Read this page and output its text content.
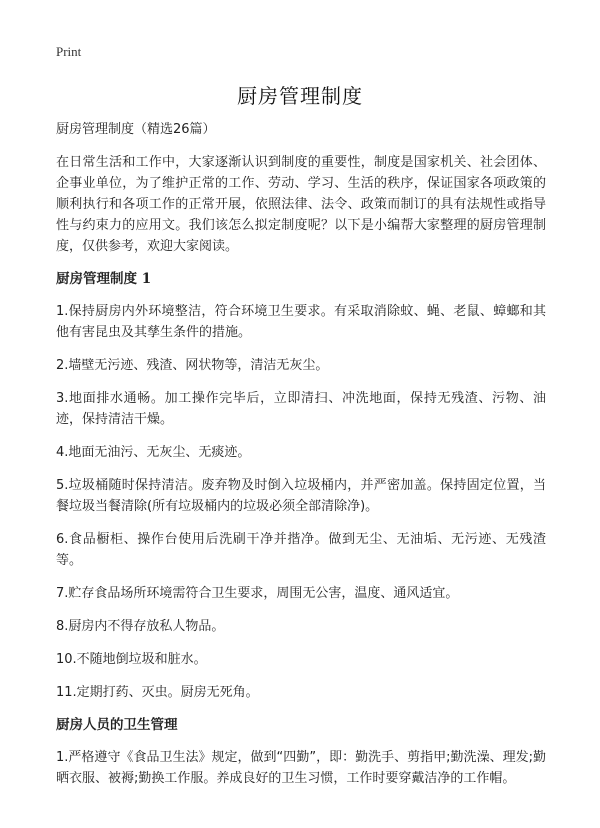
Print
厨房管理制度
厨房管理制度（精选26篇）

在日常生活和工作中，大家逐渐认识到制度的重要性，制度是国家机关、社会团体、企事业单位，为了维护正常的工作、劳动、学习、生活的秩序，保证国家各项政策的顺利执行和各项工作的正常开展，依照法律、法令、政策而制订的具有法规性或指导性与约束力的应用文。我们该怎么拟定制度呢？以下是小编帮大家整理的厨房管理制度，仅供参考，欢迎大家阅读。

厨房管理制度 1

1.保持厨房内外环境整洁，符合环境卫生要求。有采取消除蚊、蝇、老鼠、蟑螂和其他有害昆虫及其孳生条件的措施。

2.墙壁无污迹、残渣、网状物等，清洁无灰尘。

3.地面排水通畅。加工操作完毕后，立即清扫、冲洗地面，保持无残渣、污物、油迹，保持清洁干燥。

4.地面无油污、无灰尘、无痰迹。

5.垃圾桶随时保持清洁。废弃物及时倒入垃圾桶内，并严密加盖。保持固定位置，当餐垃圾当餐清除(所有垃圾桶内的垃圾必须全部清除净)。

6.食品橱柜、操作台使用后洗刷干净并揩净。做到无尘、无油垢、无污迹、无残渣等。

7.贮存食品场所环境需符合卫生要求，周围无公害，温度、通风适宜。

8.厨房内不得存放私人物品。

10.不随地倒垃圾和脏水。

11.定期打药、灭虫。厨房无死角。

厨房人员的卫生管理

1.严格遵守《食品卫生法》规定，做到“四勤”，即：勤洗手、剪指甲;勤洗澡、理发;勤晒衣服、被褥;勤换工作服。养成良好的卫生习惯，工作时要穿戴洁净的工作帽。
